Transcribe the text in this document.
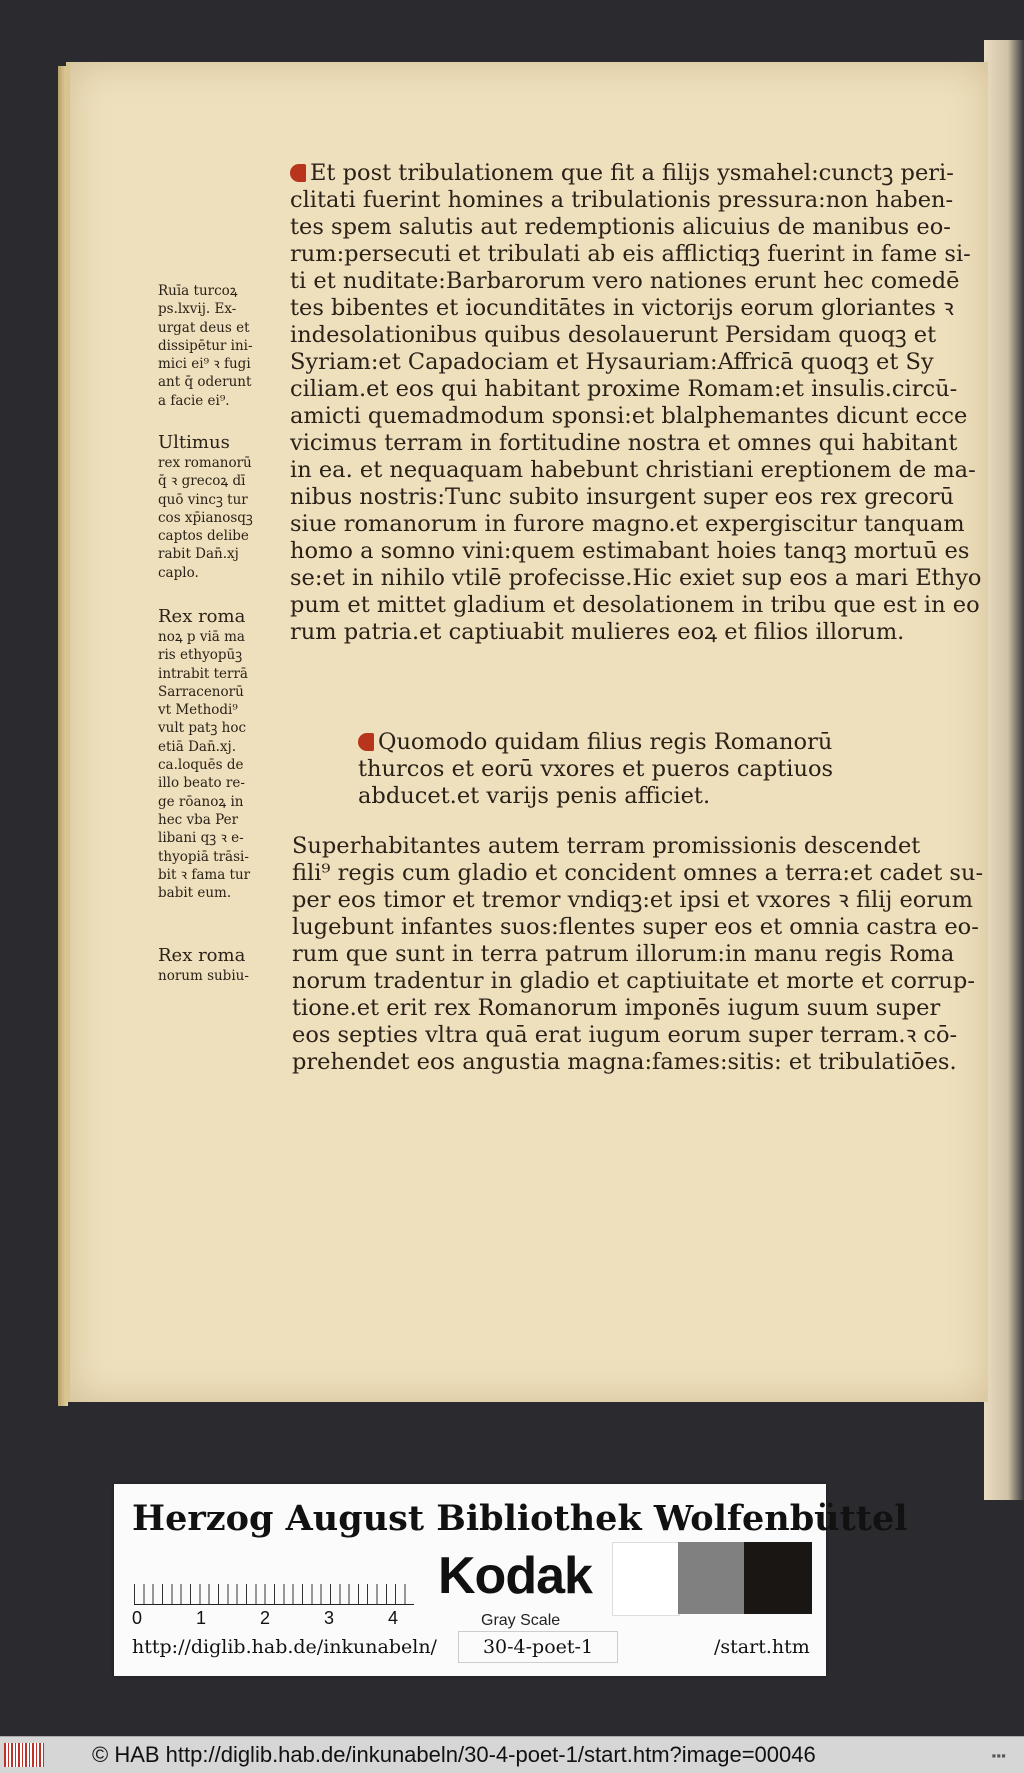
Et post tribulationem que fit a filijs ysmahel:cunctꝫ peri-
clitati fuerint homines a tribulationis pressura:non haben-
tes spem salutis aut redemptionis alicuius de manibus eo-
rum:persecuti et tribulati ab eis afflictiqꝫ fuerint in fame si-
ti et nuditate:Barbarorum vero nationes erunt hec comedē
tes bibentes et iocunditātes in victorijs eorum gloriantes ꝛ
indesolationibus quibus desolauerunt Persidam quoqꝫ et
Syriam:et Capadociam et Hysauriam:Affricā quoqꝫ et Sy
ciliam.et eos qui habitant proxime Romam:et insulis.circū-
amicti quemadmodum sponsi:et blalphemantes dicunt ecce
vicimus terram in fortitudine nostra et omnes qui habitant
in ea. et nequaquam habebunt christiani ereptionem de ma-
nibus nostris:Tunc subito insurgent super eos rex grecorū
siue romanorum in furore magno.et expergiscitur tanquam
homo a somno vini:quem estimabant hoies tanqꝫ mortuū es
se:et in nihilo vtilē profecisse.Hic exiet sup eos a mari Ethyo
pum et mittet gladium et desolationem in tribu que est in eo
rum patria.et captiuabit mulieres eoꝝ et filios illorum.
Quomodo quidam filius regis Romanorū
thurcos et eorū vxores et pueros captiuos
abducet.et varijs penis afficiet.
Superhabitantes autem terram promissionis descendet
fili⁹ regis cum gladio et concident omnes a terra:et cadet su-
per eos timor et tremor vndiqꝫ:et ipsi et vxores ꝛ filij eorum
lugebunt infantes suos:flentes super eos et omnia castra eo-
rum que sunt in terra patrum illorum:in manu regis Roma
norum tradentur in gladio et captiuitate et morte et corrup-
tione.et erit rex Romanorum imponēs iugum suum super
eos septies vltra quā erat iugum eorum super terram.ꝛ cō-
prehendet eos angustia magna:fames:sitis: et tribulatiōes.
Ruīa turcoꝝ
ps.lxvij. Ex-
urgat deus et
dissipētur ini-
mici ei⁹ ꝛ fugi
ant q̄ oderunt
a facie ei⁹.
Ultimus
rex romanorū
q̄ ꝛ grecoꝝ dī
quō vincꝫ tur
cos xp̄ianosqꝫ
captos delibe
rabit Dan̄.xj
caplo.
Rex roma
noꝝ p viā ma
ris ethyopūꝫ
intrabit terrā
Sarracenorū
vt Methodi⁹
vult patꝫ hoc
etiā Dan̄.xj.
ca.loquēs de
illo beato re-
ge rōanoꝝ in
hec vba Per
libani qꝫ ꝛ e-
thyopiā trāsi-
bit ꝛ fama tur
babit eum.
Rex roma
norum subiu-
Herzog August Bibliothek Wolfenbüttel
0	1	2	3	4
Kodak
Gray Scale
http://diglib.hab.de/inkunabeln/	30-4-poet-1	/start.htm
© HAB http://diglib.hab.de/inkunabeln/30-4-poet-1/start.htm?image=00046	▪▪▪
